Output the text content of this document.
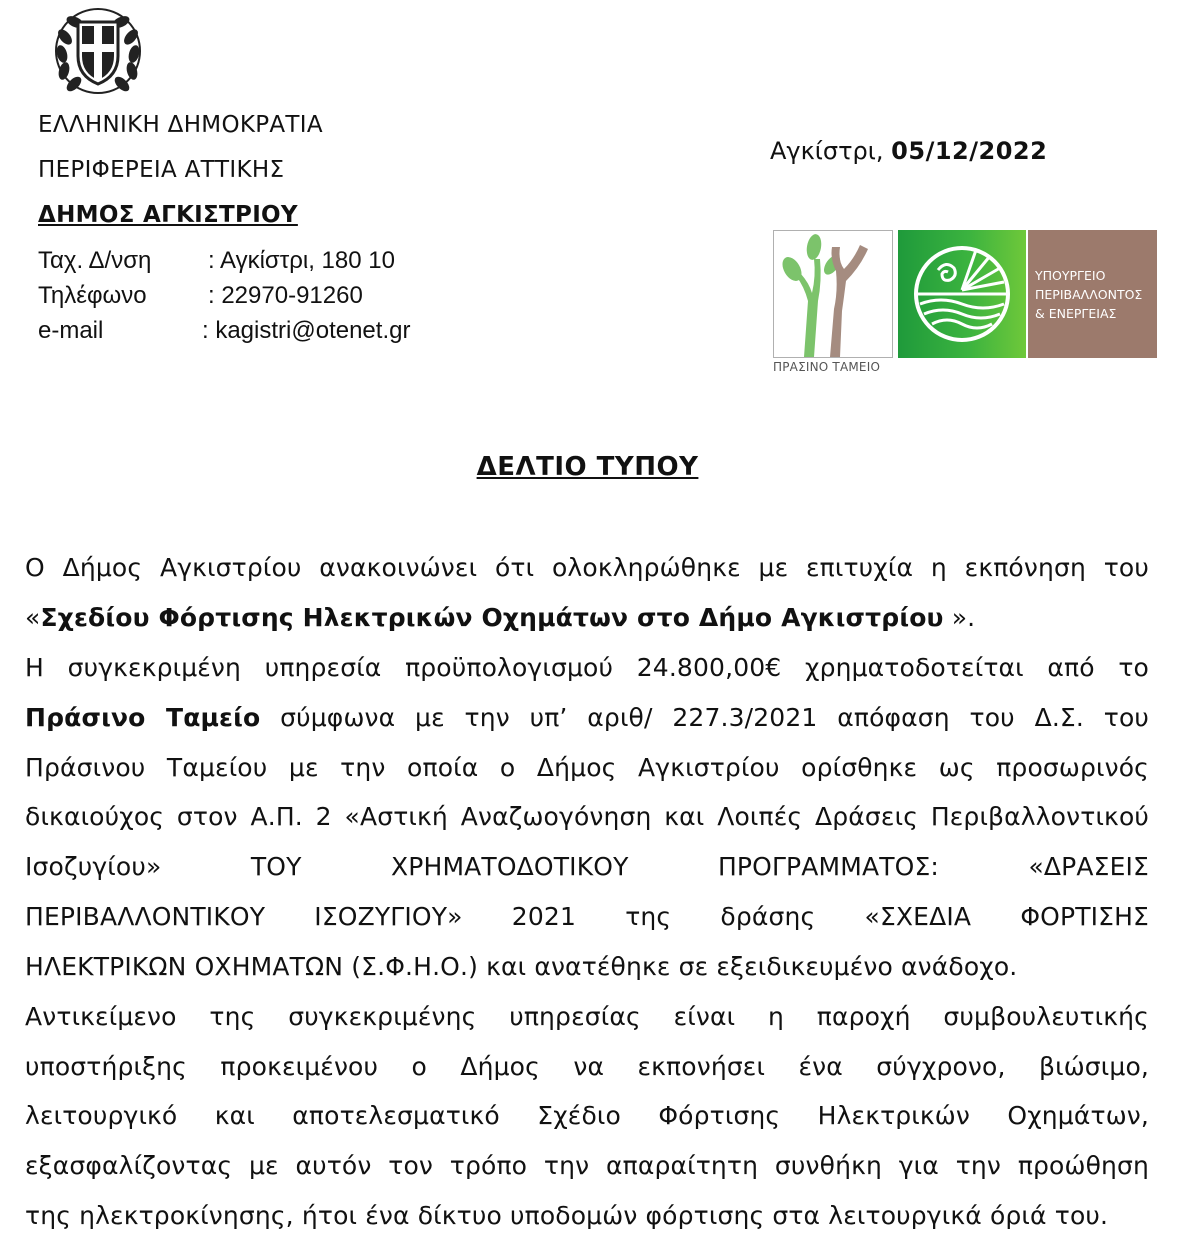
ΕΛΛΗΝΙΚΗ ΔΗΜΟΚΡΑΤΙΑ
ΠΕΡΙΦΕΡΕΙΑ ΑΤΤΙΚΗΣ
ΔΗΜΟΣ ΑΓΚΙΣΤΡΙΟΥ
Ταχ. Δ/νση : Αγκίστρι, 180 10
Τηλέφωνο	: 22970-91260
e-mail	: kagistri@otenet.gr
Αγκίστρι, 05/12/2022
ΠΡΑΣΙΝΟ ΤΑΜΕΙΟ
ΥΠΟΥΡΓΕΙΟ
ΠΕΡΙΒΑΛΛΟΝΤΟΣ
& ΕΝΕΡΓΕΙΑΣ
ΔΕΛΤΙΟ ΤΥΠΟΥ
Ο Δήμος Αγκιστρίου ανακοινώνει ότι ολοκληρώθηκε με επιτυχία η εκπόνηση του
«Σχεδίου Φόρτισης Ηλεκτρικών Οχημάτων στο Δήμο Αγκιστρίου ».
Η συγκεκριμένη υπηρεσία προϋπολογισμού 24.800,00€ χρηματοδοτείται από το
Πράσινο Ταμείο σύμφωνα με την υπ’ αριθ/ 227.3/2021 απόφαση του Δ.Σ. του
Πράσινου Ταμείου με την οποία ο Δήμος Αγκιστρίου ορίσθηκε ως προσωρινός
δικαιούχος στον Α.Π. 2 «Αστική Αναζωογόνηση και Λοιπές Δράσεις Περιβαλλοντικού
Ισοζυγίου» ΤΟΥ ΧΡΗΜΑΤΟΔΟΤΙΚΟΥ ΠΡΟΓΡΑΜΜΑΤΟΣ: «ΔΡΑΣΕΙΣ
ΠΕΡΙΒΑΛΛΟΝΤΙΚΟΥ ΙΣΟΖΥΓΙΟΥ» 2021 της δράσης «ΣΧΕΔΙΑ ΦΟΡΤΙΣΗΣ
ΗΛΕΚΤΡΙΚΩΝ ΟΧΗΜΑΤΩΝ (Σ.Φ.Η.Ο.) και ανατέθηκε σε εξειδικευμένο ανάδοχο.
Αντικείμενο της συγκεκριμένης υπηρεσίας είναι η παροχή συμβουλευτικής
υποστήριξης προκειμένου ο Δήμος να εκπονήσει ένα σύγχρονο, βιώσιμο,
λειτουργικό και αποτελεσματικό Σχέδιο Φόρτισης Ηλεκτρικών Οχημάτων,
εξασφαλίζοντας με αυτόν τον τρόπο την απαραίτητη συνθήκη για την προώθηση
της ηλεκτροκίνησης, ήτοι ένα δίκτυο υποδομών φόρτισης στα λειτουργικά όριά του.
